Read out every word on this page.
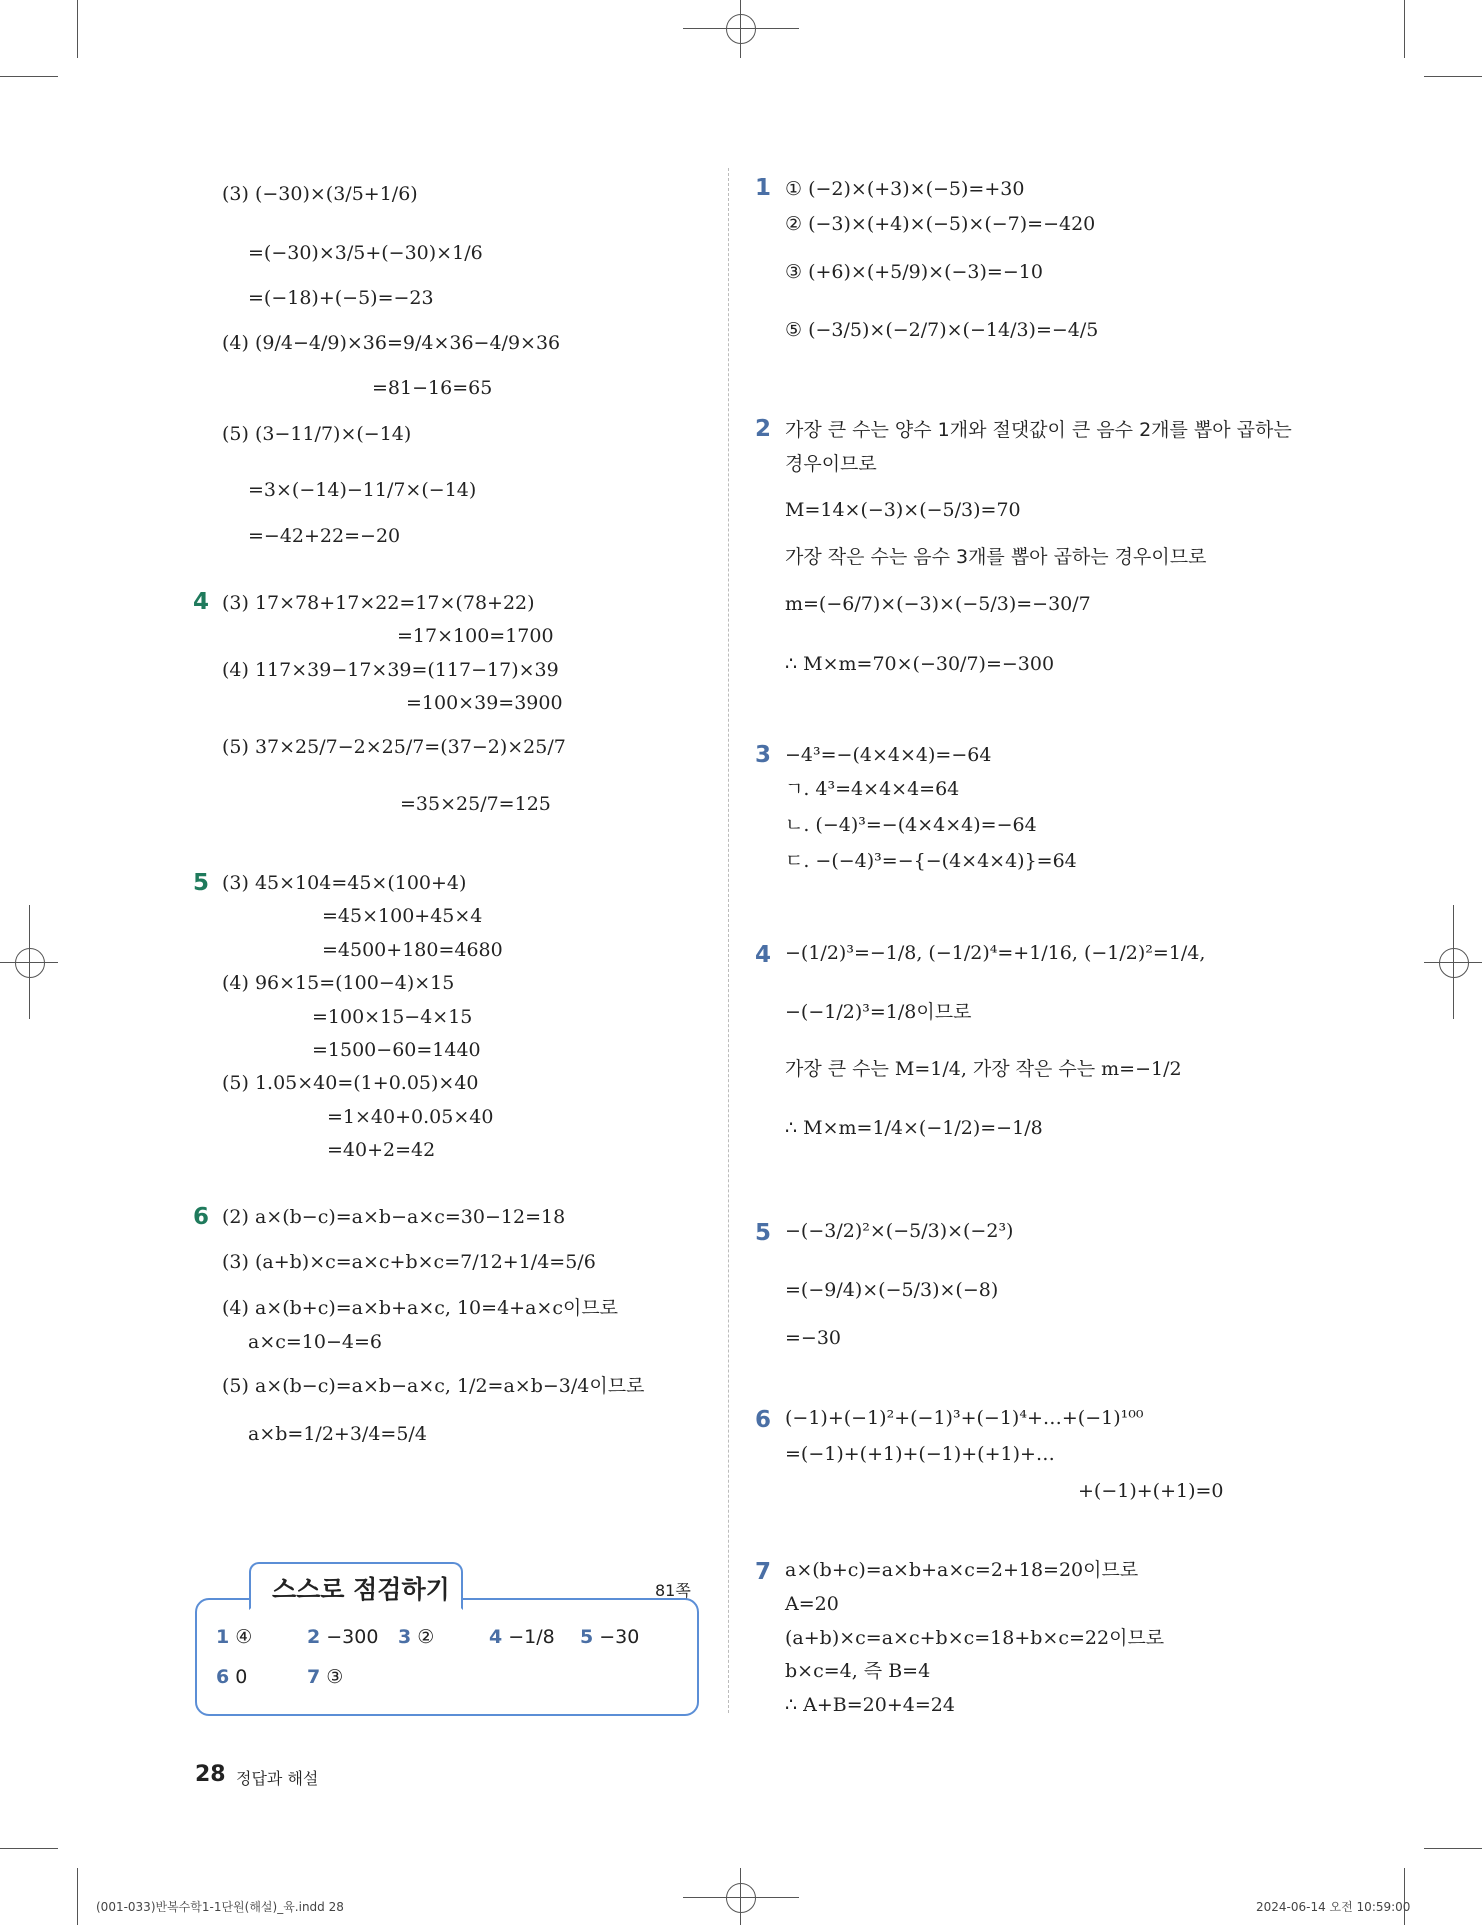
(3) (−30)×(3/5+1/6)
=(−30)×3/5+(−30)×1/6
=(−18)+(−5)=−23
(4) (9/4−4/9)×36=9/4×36−4/9×36
=81−16=65
(5) (3−11/7)×(−14)
=3×(−14)−11/7×(−14)
=−42+22=−20
4 (3) 17×78+17×22=17×(78+22)
=17×100=1700
(4) 117×39−17×39=(117−17)×39
=100×39=3900
(5) 37×25/7−2×25/7=(37−2)×25/7
=35×25/7=125
5 (3) 45×104=45×(100+4)
=45×100+45×4
=4500+180=4680
(4) 96×15=(100−4)×15
=100×15−4×15
=1500−60=1440
(5) 1.05×40=(1+0.05)×40
=1×40+0.05×40
=40+2=42
6 (2) a×(b−c)=a×b−a×c=30−12=18
(3) (a+b)×c=a×c+b×c=7/12+1/4=5/6
(4) a×(b+c)=a×b+a×c, 10=4+a×c이므로
a×c=10−4=6
(5) a×(b−c)=a×b−a×c, 1/2=a×b−3/4이므로
a×b=1/2+3/4=5/4
스스로 점검하기	81쪽
1 ④	2 −300 3 ②	4 −1/8 5 −30
6 0	7 ③
1 ① (−2)×(+3)×(−5)=+30
② (−3)×(+4)×(−5)×(−7)=−420
③ (+6)×(+5/9)×(−3)=−10
⑤ (−3/5)×(−2/7)×(−14/3)=−4/5
2 가장 큰 수는 양수 1개와 절댓값이 큰 음수 2개를 뽑아 곱하는
경우이므로
M=14×(−3)×(−5/3)=70
가장 작은 수는 음수 3개를 뽑아 곱하는 경우이므로
m=(−6/7)×(−3)×(−5/3)=−30/7
∴ M×m=70×(−30/7)=−300
3 −4³=−(4×4×4)=−64
ㄱ. 4³=4×4×4=64
ㄴ. (−4)³=−(4×4×4)=−64
ㄷ. −(−4)³=−{−(4×4×4)}=64
4 −(1/2)³=−1/8, (−1/2)⁴=+1/16, (−1/2)²=1/4,
−(−1/2)³=1/8이므로
가장 큰 수는 M=1/4, 가장 작은 수는 m=−1/2
∴ M×m=1/4×(−1/2)=−1/8
5 −(−3/2)²×(−5/3)×(−2³)
=(−9/4)×(−5/3)×(−8)
=−30
6 (−1)+(−1)²+(−1)³+(−1)⁴+…+(−1)¹⁰⁰
=(−1)+(+1)+(−1)+(+1)+…
+(−1)+(+1)=0
7 a×(b+c)=a×b+a×c=2+18=20이므로
A=20
(a+b)×c=a×c+b×c=18+b×c=22이므로
b×c=4, 즉 B=4
∴ A+B=20+4=24
28 정답과 해설
(001-033)반복수학1-1단원(해설)_육.indd 28	2024-06-14 오전 10:59:00
